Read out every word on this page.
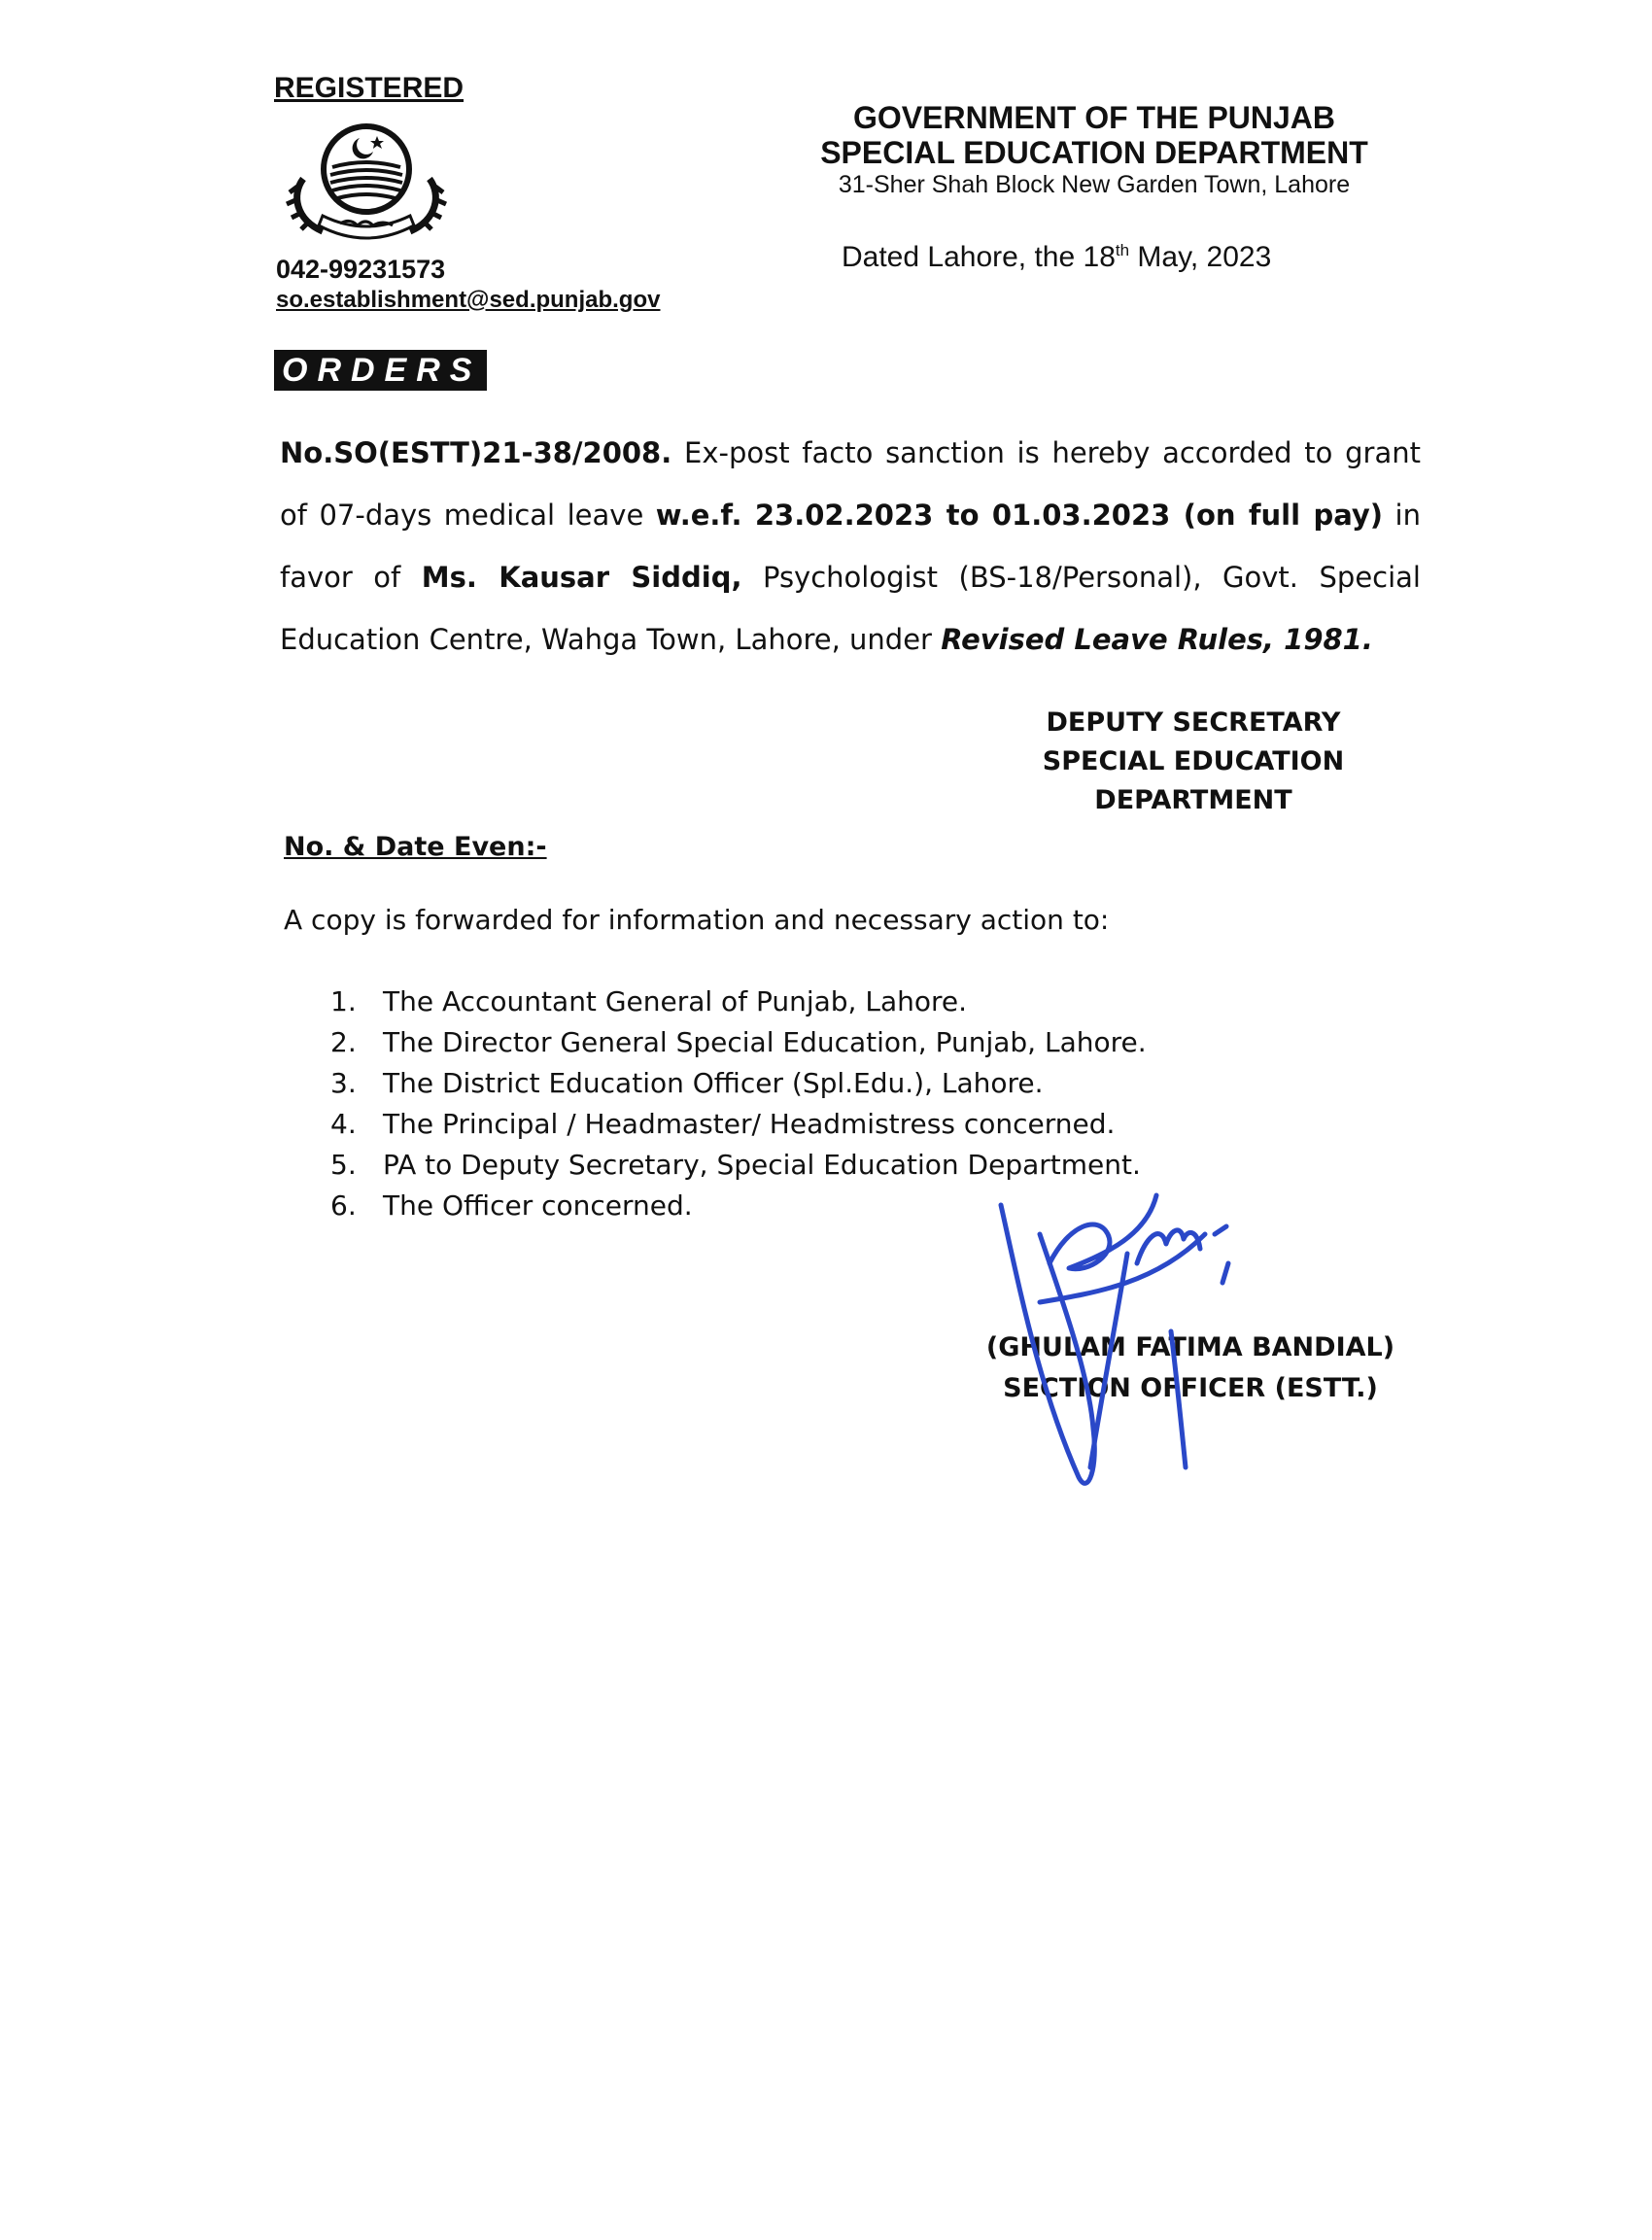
REGISTERED
042-99231573
so.establishment@sed.punjab.gov
GOVERNMENT OF THE PUNJAB
SPECIAL EDUCATION DEPARTMENT
31-Sher Shah Block New Garden Town, Lahore
Dated Lahore, the 18th May, 2023
ORDERS
No.SO(ESTT)21-38/2008. Ex-post facto sanction is hereby accorded to grant of 07-days medical leave w.e.f. 23.02.2023 to 01.03.2023 (on full pay) in favor of Ms. Kausar Siddiq, Psychologist (BS-18/Personal), Govt. Special Education Centre, Wahga Town, Lahore, under Revised Leave Rules, 1981.
DEPUTY SECRETARY
SPECIAL EDUCATION
DEPARTMENT
No. & Date Even:-
A copy is forwarded for information and necessary action to:
1. The Accountant General of Punjab, Lahore.
2. The Director General Special Education, Punjab, Lahore.
3. The District Education Officer (Spl.Edu.), Lahore.
4. The Principal / Headmaster/ Headmistress concerned.
5. PA to Deputy Secretary, Special Education Department.
6. The Officer concerned.
(GHULAM FATIMA BANDIAL)
SECTION OFFICER (ESTT.)
